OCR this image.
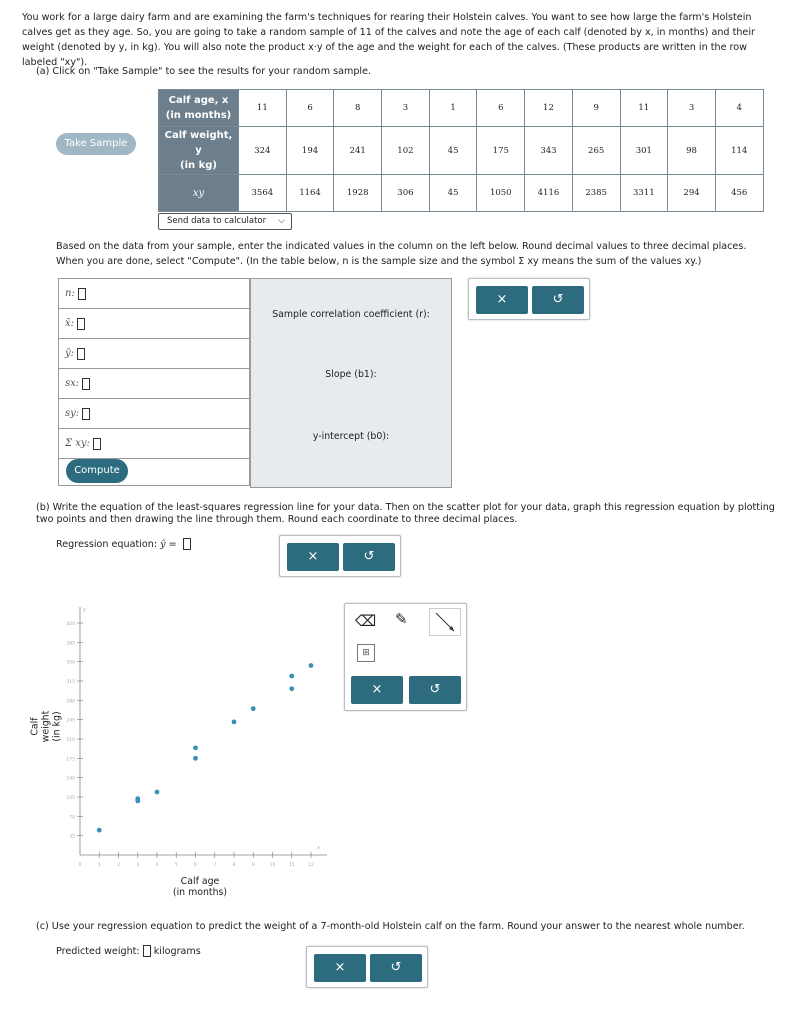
You work for a large dairy farm and are examining the farm's techniques for rearing their Holstein calves. You want to see how large the farm's Holstein calves get as they age. So, you are going to take a random sample of 11 of the calves and note the age of each calf (denoted by x, in months) and their weight (denoted by y, in kg). You will also note the product x·y of the age and the weight for each of the calves. (These products are written in the row labeled "xy").
(a) Click on "Take Sample" to see the results for your random sample.
Take Sample
Calf age, x
(in months)	11	6	8	3	1	6	12	9	11	3	4
Calf weight, y
(in kg)	324	194	241	102	45	175	343	265	301	98	114
xy	3564	1164	1928	306	45	1050	4116	2385	3311	294	456
Send data to calculator ⌵
Based on the data from your sample, enter the indicated values in the column on the left below. Round decimal values to three decimal places. When you are done, select "Compute". (In the table below, n is the sample size and the symbol Σ xy means the sum of the values xy.)
n:
x̄:
ȳ:
sx:
sy:
Σ xy:
Compute
Sample correlation coefficient (r):
Slope (b1):
y-intercept (b0):
×	↺
(b) Write the equation of the least-squares regression line for your data. Then on the scatter plot for your data, graph this regression equation by plotting two points and then drawing the line through them. Round each coordinate to three decimal places.
Regression equation: ŷ =
×	↺
Calf weight
(in kg)
Calf age
(in months)
35
70
105
140
175
210
245
280
315
350
385
420
0	1	2	3	4	5	6	7	8	9	10	11	12
y
x
⌫ ✎
⊞
×	↺
(c) Use your regression equation to predict the weight of a 7-month-old Holstein calf on the farm. Round your answer to the nearest whole number.
Predicted weight: kilograms
×	↺
